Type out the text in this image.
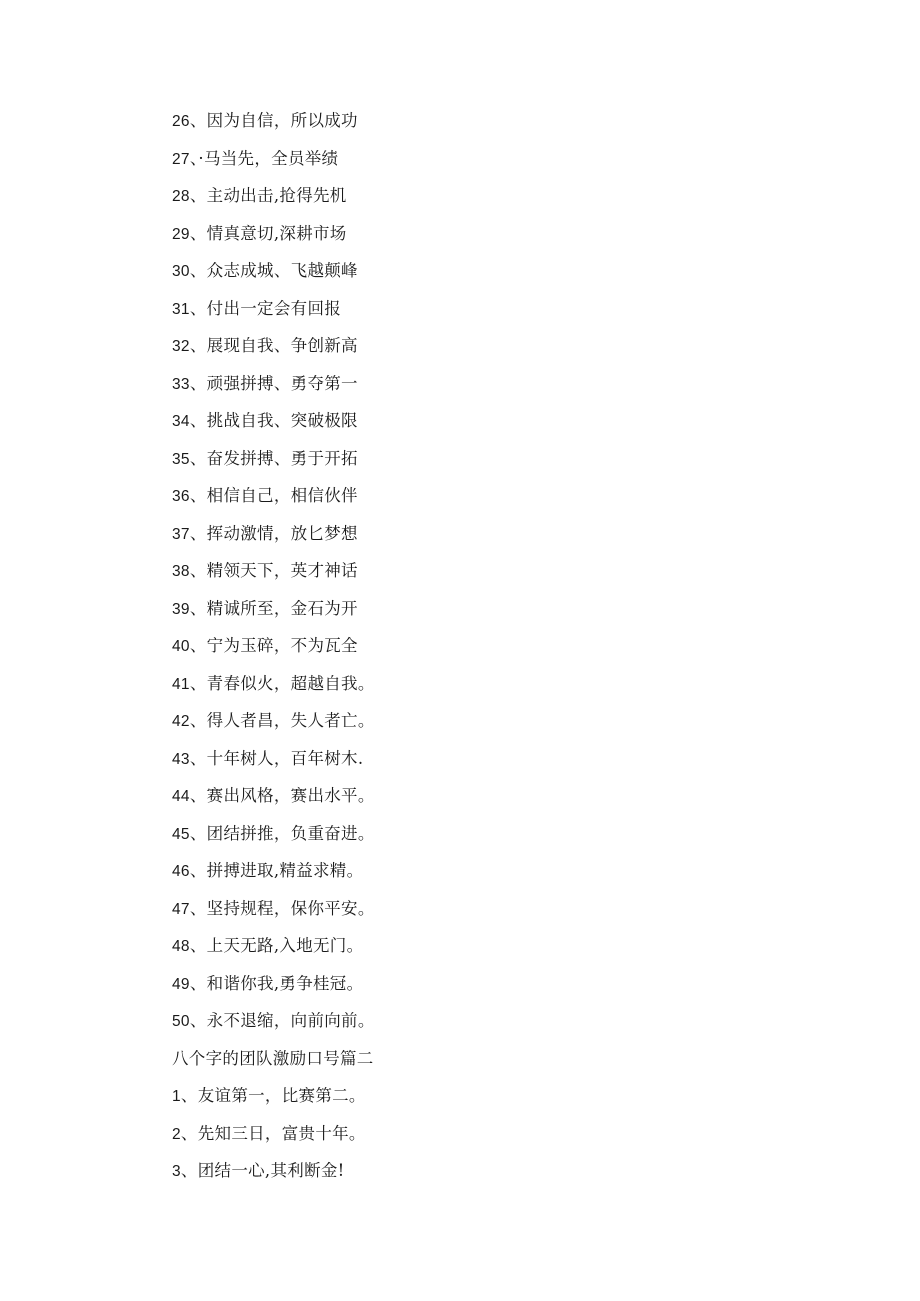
26、因为自信，所以成功
27、·马当先，全员举绩
28、主动出击,抢得先机
29、情真意切,深耕市场
30、众志成城、飞越颠峰
31、付出一定会有回报
32、展现自我、争创新高
33、顽强拼搏、勇夺第一
34、挑战自我、突破极限
35、奋发拼搏、勇于开拓
36、相信自己，相信伙伴
37、挥动激情，放匕梦想
38、精领天下，英才神话
39、精诚所至，金石为开
40、宁为玉碎，不为瓦全
41、青春似火，超越自我。
42、得人者昌，失人者亡。
43、十年树人，百年树木.
44、赛出风格，赛出水平。
45、团结拼推，负重奋进。
46、拼搏进取,精益求精。
47、坚持规程，保你平安。
48、上天无路,入地无门。
49、和谐你我,勇争桂冠。
50、永不退缩，向前向前。
八个字的团队激励口号篇二
1、友谊第一，比赛第二。
2、先知三日，富贵十年。
3、团结一心,其利断金!
